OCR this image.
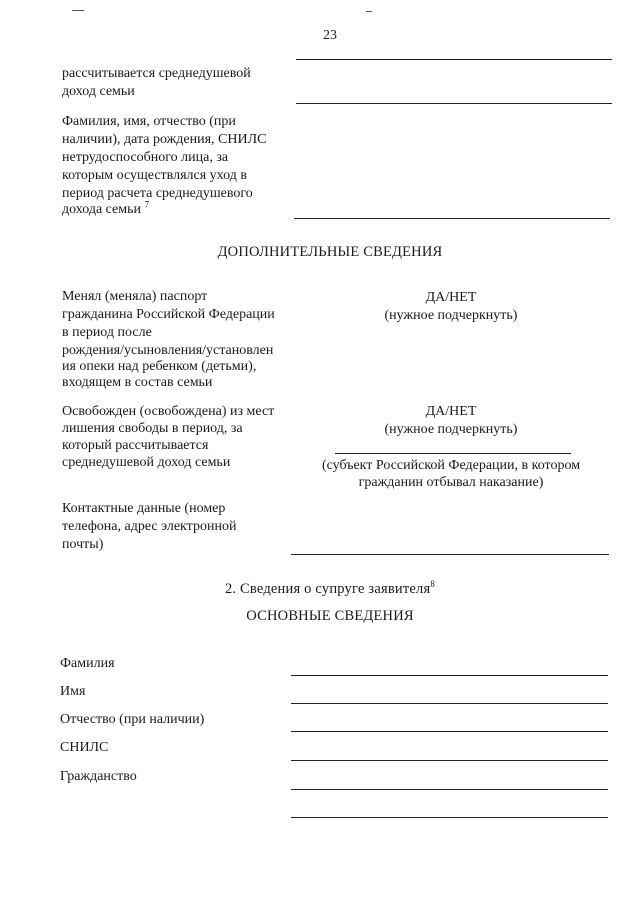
23
рассчитывается среднедушевой
доход семьи
Фамилия, имя, отчество (при
наличии), дата рождения, СНИЛС
нетрудоспособного лица, за
которым осуществлялся уход в
период расчета среднедушевого
дохода семьи $^7$
ДОПОЛНИТЕЛЬНЫЕ СВЕДЕНИЯ
Менял (меняла) паспорт
гражданина Российской Федерации
в период после
рождения/усыновления/установлен
ия опеки над ребенком (детьми),
входящем в состав семьи
ДА/НЕТ
(нужное подчеркнуть)
Освобожден (освобождена) из мест
лишения свободы в период, за
который рассчитывается
среднедушевой доход семьи
ДА/НЕТ
(нужное подчеркнуть)
(субъект Российской Федерации, в котором
гражданин отбывал наказание)
Контактные данные (номер
телефона, адрес электронной
почты)
2. Сведения о супруге заявителя$^8$
ОСНОВНЫЕ СВЕДЕНИЯ
Фамилия
Имя
Отчество (при наличии)
СНИЛС
Гражданство
